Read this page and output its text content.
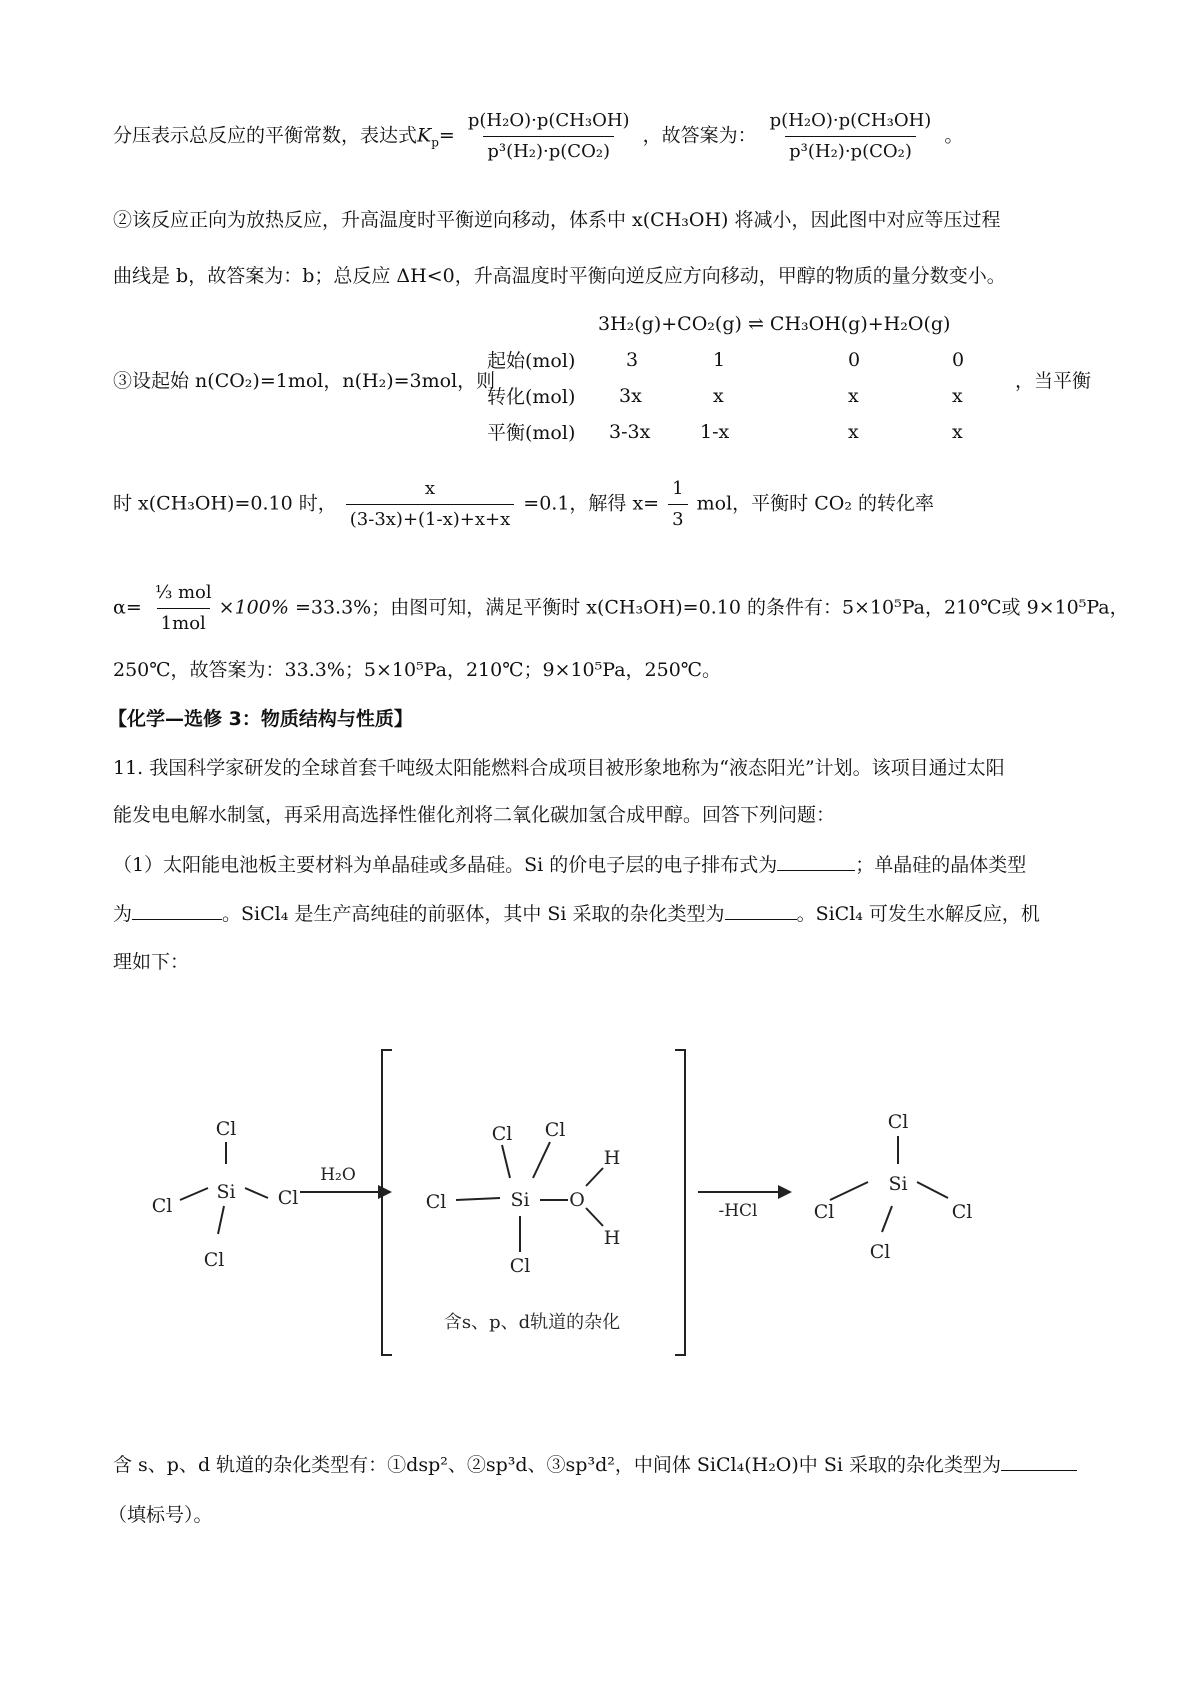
分压表示总反应的平衡常数，表达式$K_p= \frac{\text{p(H₂O)·p(CH₃OH)}}{\text{p³(H₂)·p(CO₂)}}$ ，故答案为： $\frac{\text{p(H₂O)·p(CH₃OH)}}{\text{p³(H₂)·p(CO₂)}}$ 。
②该反应正向为放热反应，升高温度时平衡逆向移动，体系中 x(CH₃OH) 将减小，因此图中对应等压过程
曲线是 b，故答案为：b；总反应 ΔH<0，升高温度时平衡向逆反应方向移动，甲醇的物质的量分数变小。
3H₂(g)+CO₂(g) ⇌ CH₃OH(g)+H₂O(g)
③设起始 n(CO₂)=1mol，n(H₂)=3mol，则	，当平衡
起始(mol)	3	1	0	0
转化(mol) 3x	x	x	x
平衡(mol) 3-3x	1-x	x	x
时 x(CH₃OH)=0.10 时， $\frac{x}{(3-3x)+(1-x)+x+x} =0.1$，解得 $x= \frac{1}{3}$ mol，平衡时 CO₂ 的转化率
$\alpha= \frac{\text{⅓ mol}}{\text{1mol}} \times 100\% =33.3\%$；由图可知，满足平衡时 x(CH₃OH)=0.10 的条件有：5×10⁵Pa，210℃或 9×10⁵Pa，
250℃，故答案为：33.3%；5×10⁵Pa，210℃；9×10⁵Pa，250℃。
【化学—选修 3：物质结构与性质】
11. 我国科学家研发的全球首套千吨级太阳能燃料合成项目被形象地称为“液态阳光”计划。该项目通过太阳
能发电电解水制氢，再采用高选择性催化剂将二氧化碳加氢合成甲醇。回答下列问题：
（1）太阳能电池板主要材料为单晶硅或多晶硅。Si 的价电子层的电子排布式为	；单晶硅的晶体类型
为	。SiCl₄ 是生产高纯硅的前驱体，其中 Si 采取的杂化类型为	。SiCl₄ 可发生水解反应，机
理如下：
Cl
Si
Cl	Cl
Cl
H₂O
Cl Cl
Cl	Si O
H
H
Cl
含s、p、d轨道的杂化
-HCl
Cl
Si
Cl	Cl
Cl
含 s、p、d 轨道的杂化类型有：①dsp²、②sp³d、③sp³d²，中间体 SiCl₄(H₂O)中 Si 采取的杂化类型为
（填标号）。
